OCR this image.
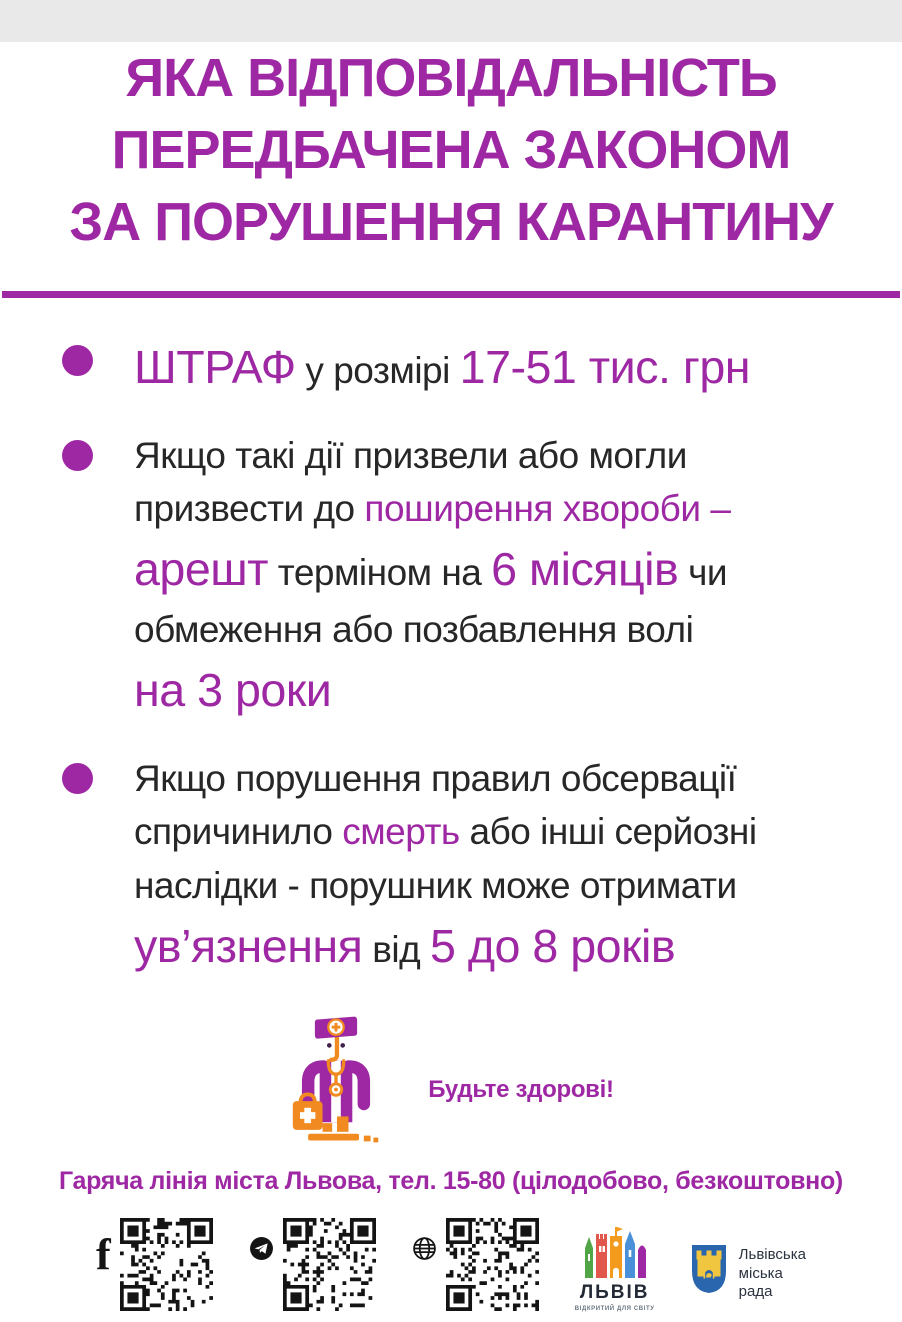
ЯКА ВІДПОВІДАЛЬНІСТЬ
ПЕРЕДБАЧЕНА ЗАКОНОМ
ЗА ПОРУШЕННЯ КАРАНТИНУ
ШТРАФ у розмірі 17-51 тис. грн
Якщо такі дії призвели або могли
призвести до поширення хвороби –
арешт терміном на 6 місяців чи
обмеження або позбавлення волі
на 3 роки
Якщо порушення правил обсервації
спричинило смерть або інші серйозні
наслідки - порушник може отримати
ув’язнення від 5 до 8 років
Будьте здорові!
Гаряча лінія міста Львова, тел. 15-80 (цілодобово, безкоштовно)
f
ЛЬВІВ
ВІДКРИТИЙ ДЛЯ СВІТУ
Львівська
міська
рада
